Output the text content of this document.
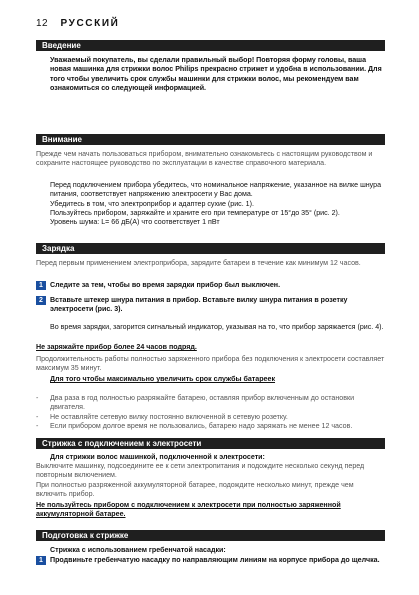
12 РУССКИЙ
Введение
Уважаемый покупатель, вы сделали правильный выбор! Повторяя форму головы, ваша новая машинка для стрижки волос Philips прекрасно стрижет и удобна в использовании. Для того чтобы увеличить срок службы машинки для стрижки волос, мы рекомендуем вам ознакомиться со следующей информацией.
Внимание
Прежде чем начать пользоваться прибором, внимательно ознакомьтесь с настоящим руководством и сохраните настоящее руководство по эксплуатации в качестве справочного материала.
Перед подключением прибора убедитесь, что номинальное напряжение, указанное на вилке шнура питания, соответствует напряжению электросети у Вас дома.
Убедитесь в том, что электроприбор и адаптер сухие (рис. 1).
Пользуйтесь прибором, заряжайте и храните его при температуре от 15°до 35° (рис. 2).
Уровень шума: L= 66 дБ(A) что соответствует 1 пВт
Зарядка
Перед первым применением электроприбора, зарядите батареи в течение как минимум 12 часов.
1 Следите за тем, чтобы во время зарядки прибор был выключен.
2 Вставьте штекер шнура питания в прибор. Вставьте вилку шнура питания в розетку электросети (рис. 3).
Во время зарядки, загорится сигнальный индикатор, указывая на то, что прибор заряжается (рис. 4).
Не заряжайте прибор более 24 часов подряд.
Продолжительность работы полностью заряженного прибора без подключения к электросети составляет максимум 35 минут.
Для того чтобы максимально увеличить срок службы батареек
- Два раза в год полностью разряжайте батарею, оставляя прибор включенным до остановки двигателя.
- Не оставляйте сетевую вилку постоянно включенной в сетевую розетку.
- Если прибором долгое время не пользовались, батарею надо заряжать не менее 12 часов.
Стрижка с подключением к электросети
Для стрижки волос машинкой, подключенной к электросети:
Выключите машинку, подсоедините ее к сети электропитания и подождите несколько секунд перед повторным включением.
При полностью разряженной аккумуляторной батарее, подождите несколько минут, прежде чем включить прибор.
Не пользуйтесь прибором с подключением к электросети при полностью заряженной аккумуляторной батарее.
Подготовка к стрижке
Стрижка с использованием гребенчатой насадки:
1 Продвиньте гребенчатую насадку по направляющим линиям на корпусе прибора до щелчка.
